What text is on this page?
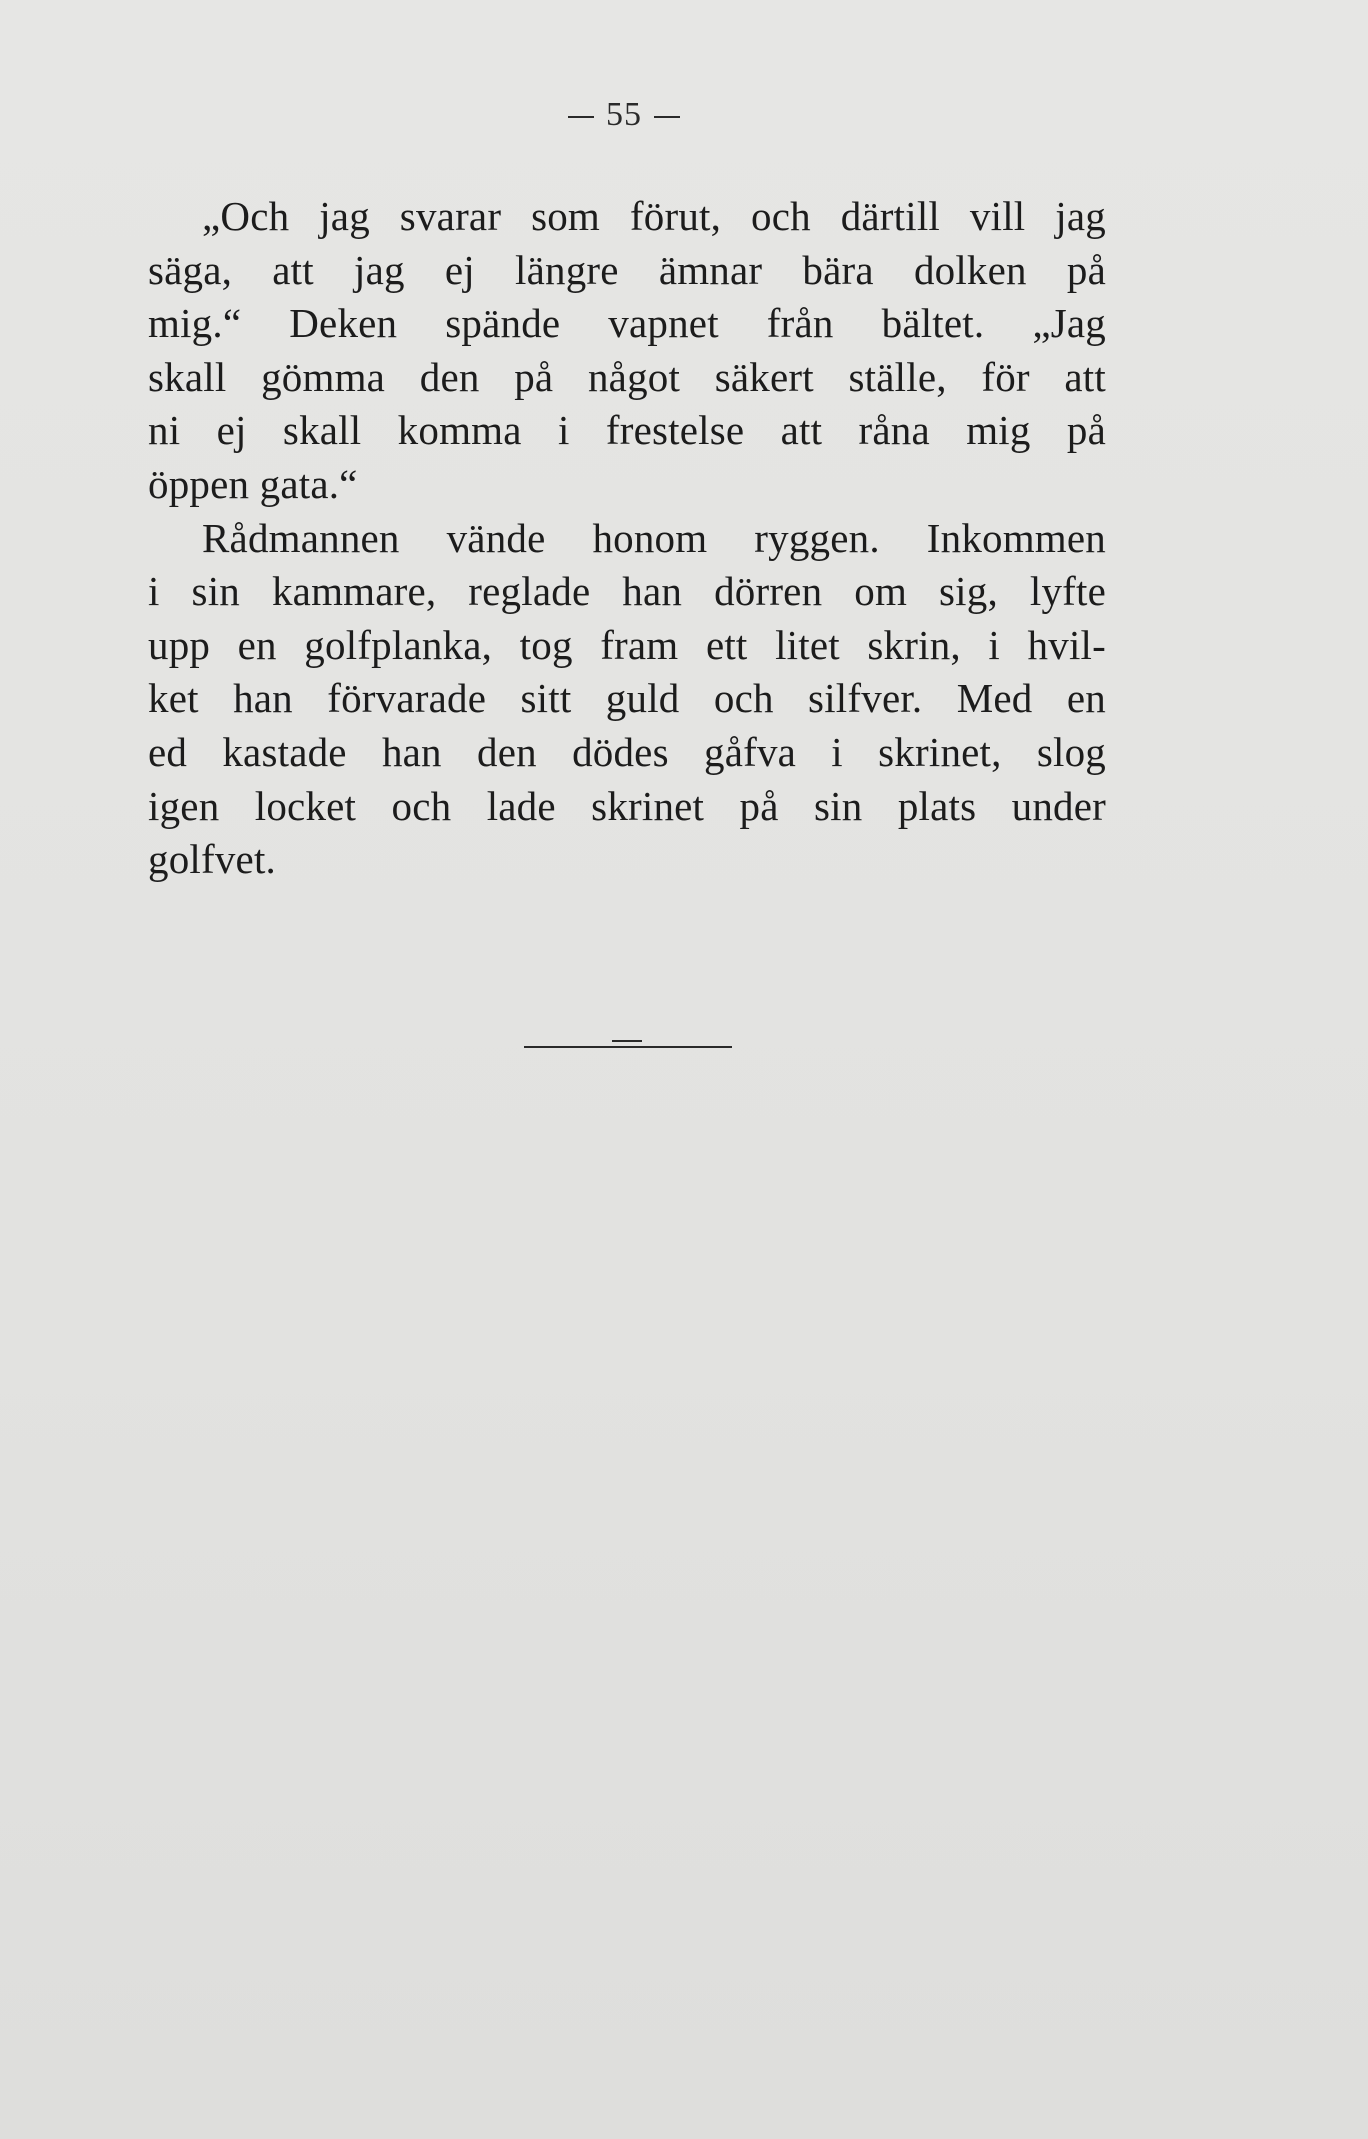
55
„Och jag svarar som förut, och därtill vill jag
säga, att jag ej längre ämnar bära dolken på
mig.“ Deken spände vapnet från bältet. „Jag
skall gömma den på något säkert ställe, för att
ni ej skall komma i frestelse att råna mig på
öppen gata.“
Rådmannen vände honom ryggen. Inkommen
i sin kammare, reglade han dörren om sig, lyfte
upp en golfplanka, tog fram ett litet skrin, i hvil-
ket han förvarade sitt guld och silfver. Med en
ed kastade han den dödes gåfva i skrinet, slog
igen locket och lade skrinet på sin plats under
golfvet.
